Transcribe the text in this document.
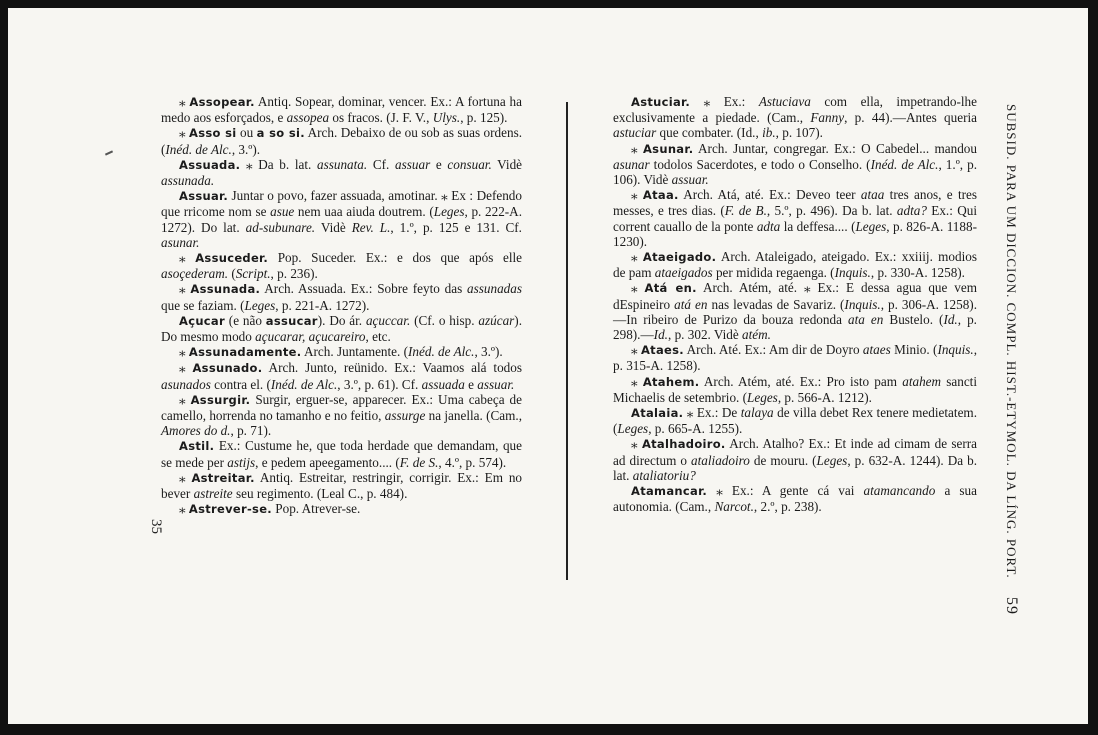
⁎ Assopear. Antiq. Sopear, dominar, vencer. Ex.: A fortuna ha medo aos esforçados, e assopea os fracos. (J. F. V., Ulys., p. 125).

⁎ Asso si ou a so si. Arch. Debaixo de ou sob as suas ordens. (Inéd. de Alc., 3.º).

Assuada. ⁎ Da b. lat. assunata. Cf. assuar e consuar. Vidè assunada.

Assuar. Juntar o povo, fazer assuada, amotinar. ⁎ Ex : Defendo que rricome nom se asue nem uaa aiuda doutrem. (Leges, p. 222-A. 1272). Do lat. ad-subunare. Vidè Rev. L., 1.º, p. 125 e 131. Cf. asunar.

⁎ Assuceder. Pop. Suceder. Ex.: e dos que após elle asoçederam. (Script., p. 236).

⁎ Assunada. Arch. Assuada. Ex.: Sobre feyto das assunadas que se faziam. (Leges, p. 221-A. 1272).

Açucar (e não assucar). Do ár. açuccar. (Cf. o hisp. azúcar). Do mesmo modo açucarar, açucareiro, etc.

⁎ Assunadamente. Arch. Juntamente. (Inéd. de Alc., 3.º).

⁎ Assunado. Arch. Junto, reünido. Ex.: Vaamos alá todos asunados contra el. (Inéd. de Alc., 3.º, p. 61). Cf. assuada e assuar.

⁎ Assurgir. Surgir, erguer-se, apparecer. Ex.: Uma cabeça de camello, horrenda no tamanho e no feitio, assurge na janella. (Cam., Amores do d., p. 71).

Astil. Ex.: Custume he, que toda herdade que demandam, que se mede per astijs, e pedem apeegamento.... (F. de S., 4.º, p. 574).

⁎ Astreitar. Antiq. Estreitar, restringir, corrigir. Ex.: Em no bever astreite seu regimento. (Leal C., p. 484).

⁎ Astrever-se. Pop. Atrever-se.

Astuciar. ⁎ Ex.: Astuciava com ella, impetrando-lhe exclusivamente a piedade. (Cam., Fanny, p. 44).—Antes queria astuciar que combater. (Id., ib., p. 107).

⁎ Asunar. Arch. Juntar, congregar. Ex.: O Cabedel... mandou asunar todolos Sacerdotes, e todo o Conselho. (Inéd. de Alc., 1.º, p. 106). Vidè assuar.

⁎ Ataa. Arch. Atá, até. Ex.: Deveo teer ataa tres anos, e tres messes, e tres dias. (F. de B., 5.º, p. 496). Da b. lat. adta? Ex.: Qui corrent cauallo de la ponte adta la deffesa.... (Leges, p. 826-A. 1188-1230).

⁎ Ataeigado. Arch. Ataleigado, ateigado. Ex.: xxiiij. modios de pam ataeigados per midida regaenga. (Inquis., p. 330-A. 1258).

⁎ Atá en. Arch. Atém, até. ⁎ Ex.: E dessa agua que vem dEspineiro atá en nas levadas de Savariz. (Inquis., p. 306-A. 1258).—In ribeiro de Purizo da bouza redonda ata en Bustelo. (Id., p. 298).—Id., p. 302. Vidè atém.

⁎ Ataes. Arch. Até. Ex.: Am dir de Doyro ataes Minio. (Inquis., p. 315-A. 1258).

⁎ Atahem. Arch. Atém, até. Ex.: Pro isto pam atahem sancti Michaelis de setembrio. (Leges, p. 566-A. 1212).

Atalaia. ⁎ Ex.: De talaya de villa debet Rex tenere medietatem. (Leges, p. 665-A. 1255).

⁎ Atalhadoiro. Arch. Atalho? Ex.: Et inde ad cimam de serra ad directum o ataliadoiro de mouru. (Leges, p. 632-A. 1244). Da b. lat. ataliatoriu?

Atamancar. ⁎ Ex.: A gente cá vai atamancando a sua autonomia. (Cam., Narcot., 2.º, p. 238).

35	SUBSID. PARA UM DICCION. COMPL. HIST.-ETYMOL. DA LÍNG. PORT. 59
